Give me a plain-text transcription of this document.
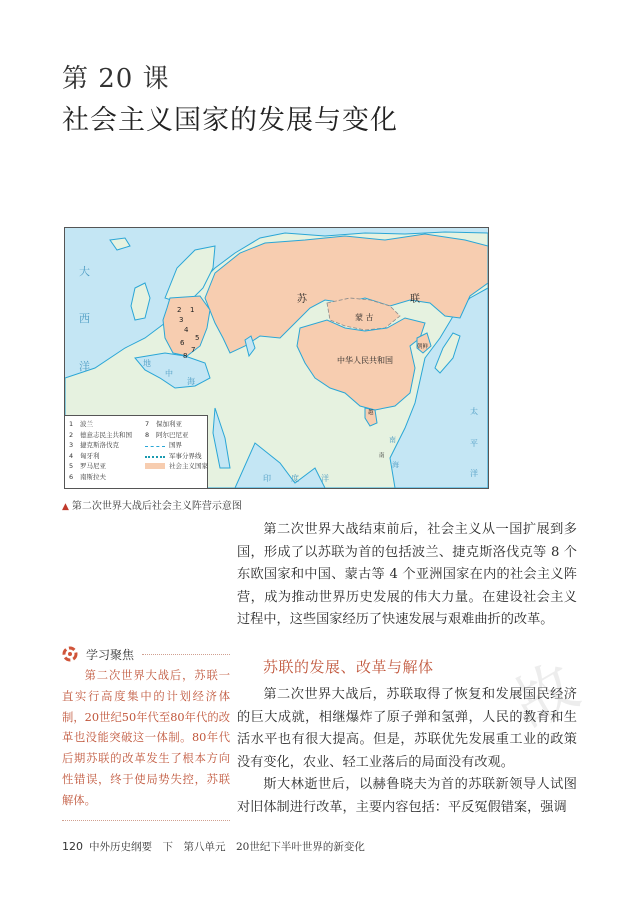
第 20 课
社会主义国家的发展与变化
苏	联
蒙 古
中华人民共和国
朝鲜
越
南
2 1
3
4
5
6
7
8
大
西
洋	地
中
海
印	度	洋
太
平
洋
南
海
1 波兰
2 德意志民主共和国
3 捷克斯洛伐克
4 匈牙利
5 罗马尼亚
6 南斯拉夫
7 保加利亚
8 阿尔巴尼亚
国界
军事分界线
社会主义国家
▲ 第二次世界大战后社会主义阵营示意图

第二次世界大战结束前后，社会主义从一国扩展到多国，形成了以苏联为首的包括波兰、捷克斯洛伐克等 8 个东欧国家和中国、蒙古等 4 个亚洲国家在内的社会主义阵营，成为推动世界历史发展的伟大力量。在建设社会主义过程中，这些国家经历了快速发展与艰难曲折的改革。

学习聚焦

第二次世界大战后，苏联一直实行高度集中的计划经济体制，20世纪50年代至80年代的改革也没能突破这一体制。80年代后期苏联的改革发生了根本方向性错误，终于使局势失控，苏联解体。

苏联的发展、改革与解体 故

第二次世界大战后，苏联取得了恢复和发展国民经济的巨大成就，相继爆炸了原子弹和氢弹，人民的教育和生活水平也有很大提高。但是，苏联优先发展重工业的政策没有变化，农业、轻工业落后的局面没有改观。

斯大林逝世后，以赫鲁晓夫为首的苏联新领导人试图对旧体制进行改革，主要内容包括：平反冤假错案，强调

120 中外历史纲要　下　 第八单元　20世纪下半叶世界的新变化
